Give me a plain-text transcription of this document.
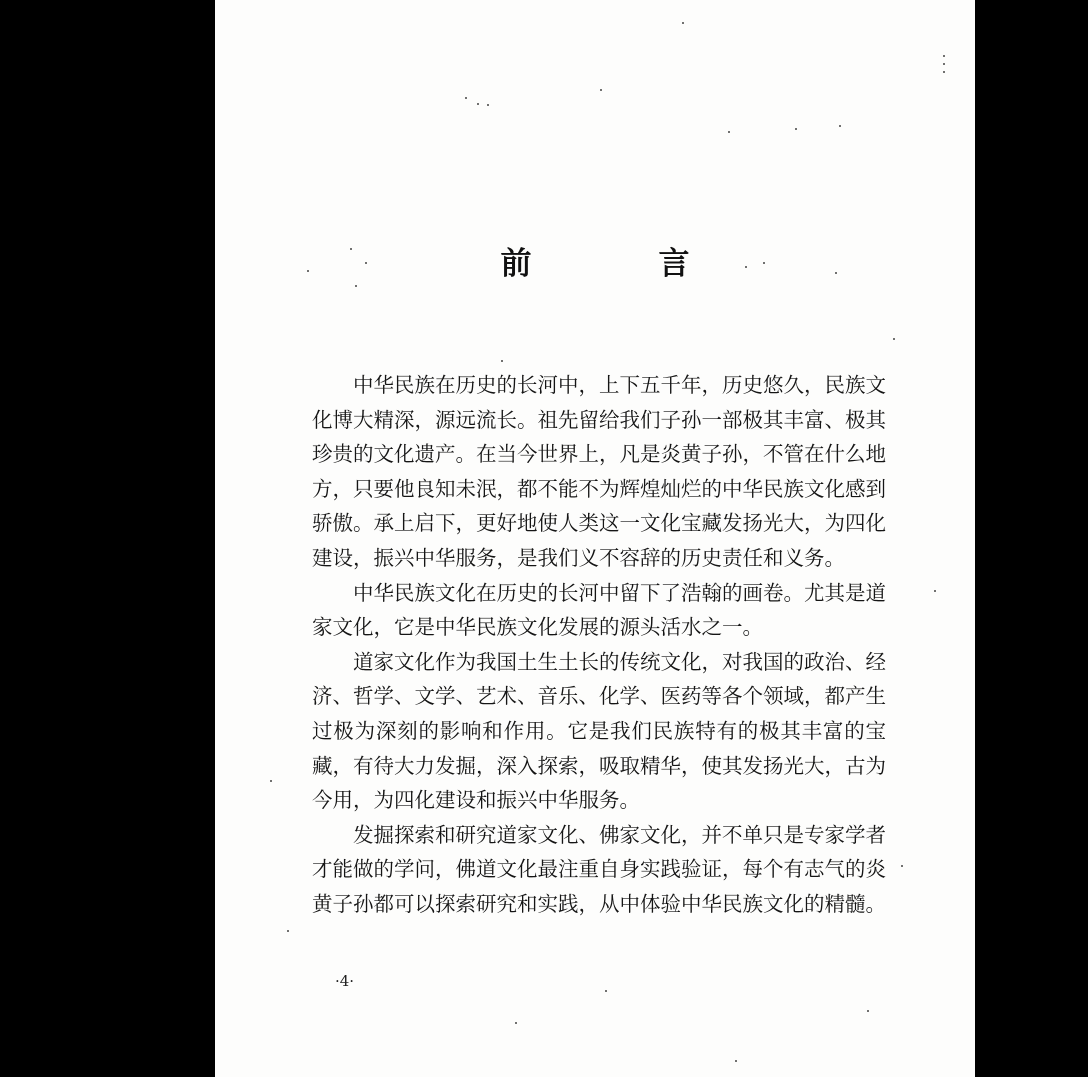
前　言

中华民族在历史的长河中，上下五千年，历史悠久，民族文化博大精深，源远流长。祖先留给我们子孙一部极其丰富、极其珍贵的文化遗产。在当今世界上，凡是炎黄子孙，不管在什么地方，只要他良知未泯，都不能不为辉煌灿烂的中华民族文化感到骄傲。承上启下，更好地使人类这一文化宝藏发扬光大，为四化建设，振兴中华服务，是我们义不容辞的历史责任和义务。

中华民族文化在历史的长河中留下了浩翰的画卷。尤其是道家文化，它是中华民族文化发展的源头活水之一。

道家文化作为我国土生土长的传统文化，对我国的政治、经济、哲学、文学、艺术、音乐、化学、医药等各个领域，都产生过极为深刻的影响和作用。它是我们民族特有的极其丰富的宝藏，有待大力发掘，深入探索，吸取精华，使其发扬光大，古为今用，为四化建设和振兴中华服务。

发掘探索和研究道家文化、佛家文化，并不单只是专家学者才能做的学问，佛道文化最注重自身实践验证，每个有志气的炎黄子孙都可以探索研究和实践，从中体验中华民族文化的精髓。

·4·
